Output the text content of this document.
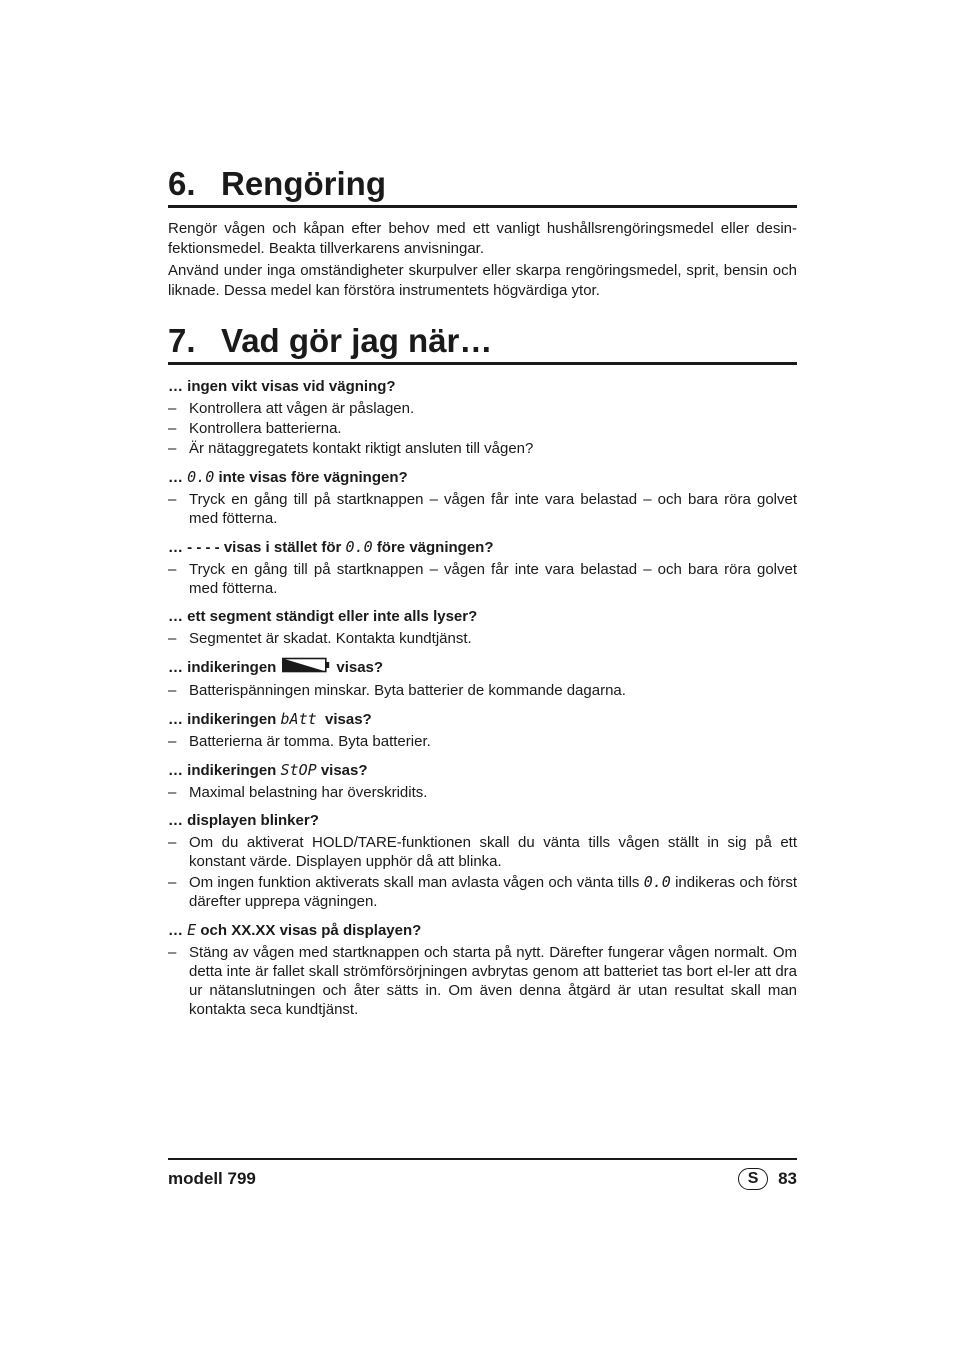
6. Rengöring

Rengör vågen och kåpan efter behov med ett vanligt hushållsrengöringsmedel eller desin-fektionsmedel. Beakta tillverkarens anvisningar.

Använd under inga omständigheter skurpulver eller skarpa rengöringsmedel, sprit, bensin och liknade. Dessa medel kan förstöra instrumentets högvärdiga ytor.

7. Vad gör jag när…

… ingen vikt visas vid vägning?

– Kontrollera att vågen är påslagen.

– Kontrollera batterierna.

– Är nätaggregatets kontakt riktigt ansluten till vågen?

… 0.0 inte visas före vägningen?

– Tryck en gång till på startknappen – vågen får inte vara belastad – och bara röra golvet med fötterna.

… - - - - visas i stället för 0.0 före vägningen?

– Tryck en gång till på startknappen – vågen får inte vara belastad – och bara röra golvet med fötterna.

… ett segment ständigt eller inte alls lyser?

– Segmentet är skadat. Kontakta kundtjänst.

… indikeringen	visas?

– Batterispänningen minskar. Byta batterier de kommande dagarna.

… indikeringen bAtt visas?

– Batterierna är tomma. Byta batterier.

… indikeringen StOP visas?

– Maximal belastning har överskridits.

… displayen blinker?

– Om du aktiverat HOLD/TARE-funktionen skall du vänta tills vågen ställt in sig på ett konstant värde. Displayen upphör då att blinka.

– Om ingen funktion aktiverats skall man avlasta vågen och vänta tills 0.0 indikeras och först därefter upprepa vägningen.

… E och XX.XX visas på displayen?

– Stäng av vågen med startknappen och starta på nytt. Därefter fungerar vågen normalt. Om detta inte är fallet skall strömförsörjningen avbrytas genom att batteriet tas bort el-ler att dra ur nätanslutningen och åter sätts in. Om även denna åtgärd är utan resultat skall man kontakta seca kundtjänst.

modell 799	S	83
